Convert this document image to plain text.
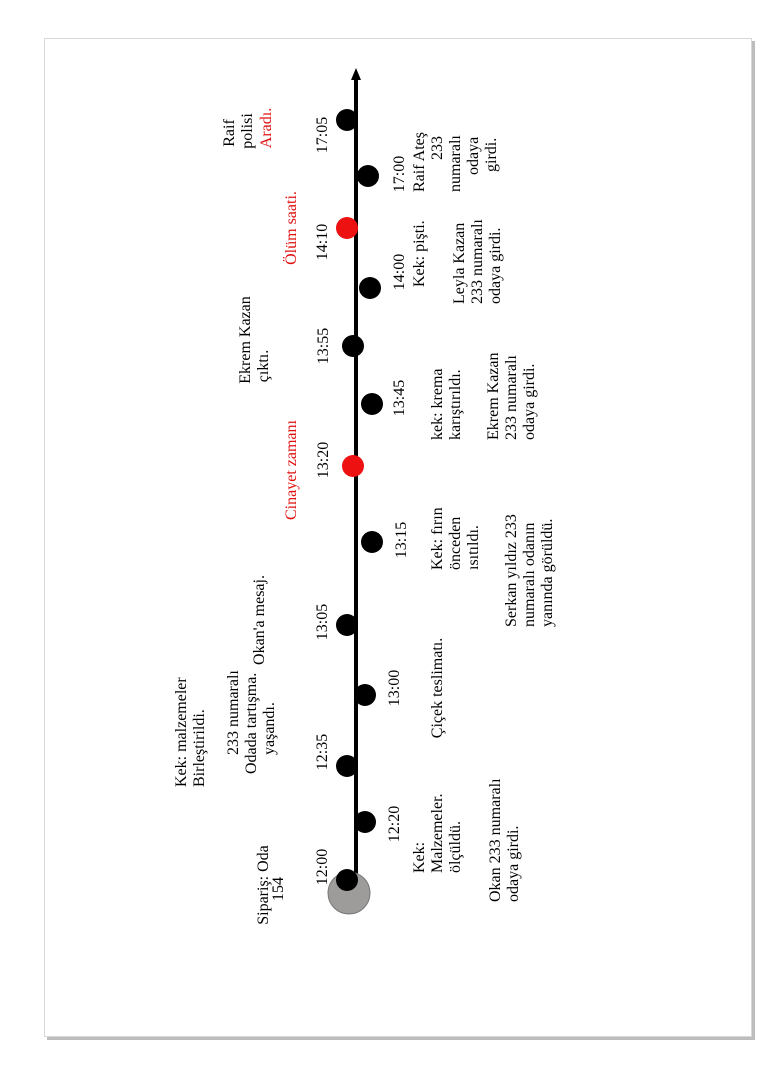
12:00
12:20
12:35
13:00
13:05
13:15
13:20
13:45
13:55
14:00
14:10
17:00
17:05
Sipariş: Oda
154
Kek: malzemeler Birleştirildi. 233 numaralı Odada tartışma. yaşandı.
Okan'a mesaj.
Cinayet zamanı
Ekrem Kazan çıktı.
Ölüm saati.
Raif polisi Aradı.
Okan 233 numaralı odaya girdi.
Kek: Malzemeler. ölçüldü.
Çiçek teslimatı.
Kek: fırın önceden ısıtıldı. Serkan yıldız 233 numaralı odanın yanında görüldü.
kek: krema karıştırıldı. Ekrem Kazan 233 numaralı odaya girdi.
Kek: pişti. Leyla Kazan 233 numaralı odaya girdi.
Raif Ateş 233 numaralı odaya girdi.
